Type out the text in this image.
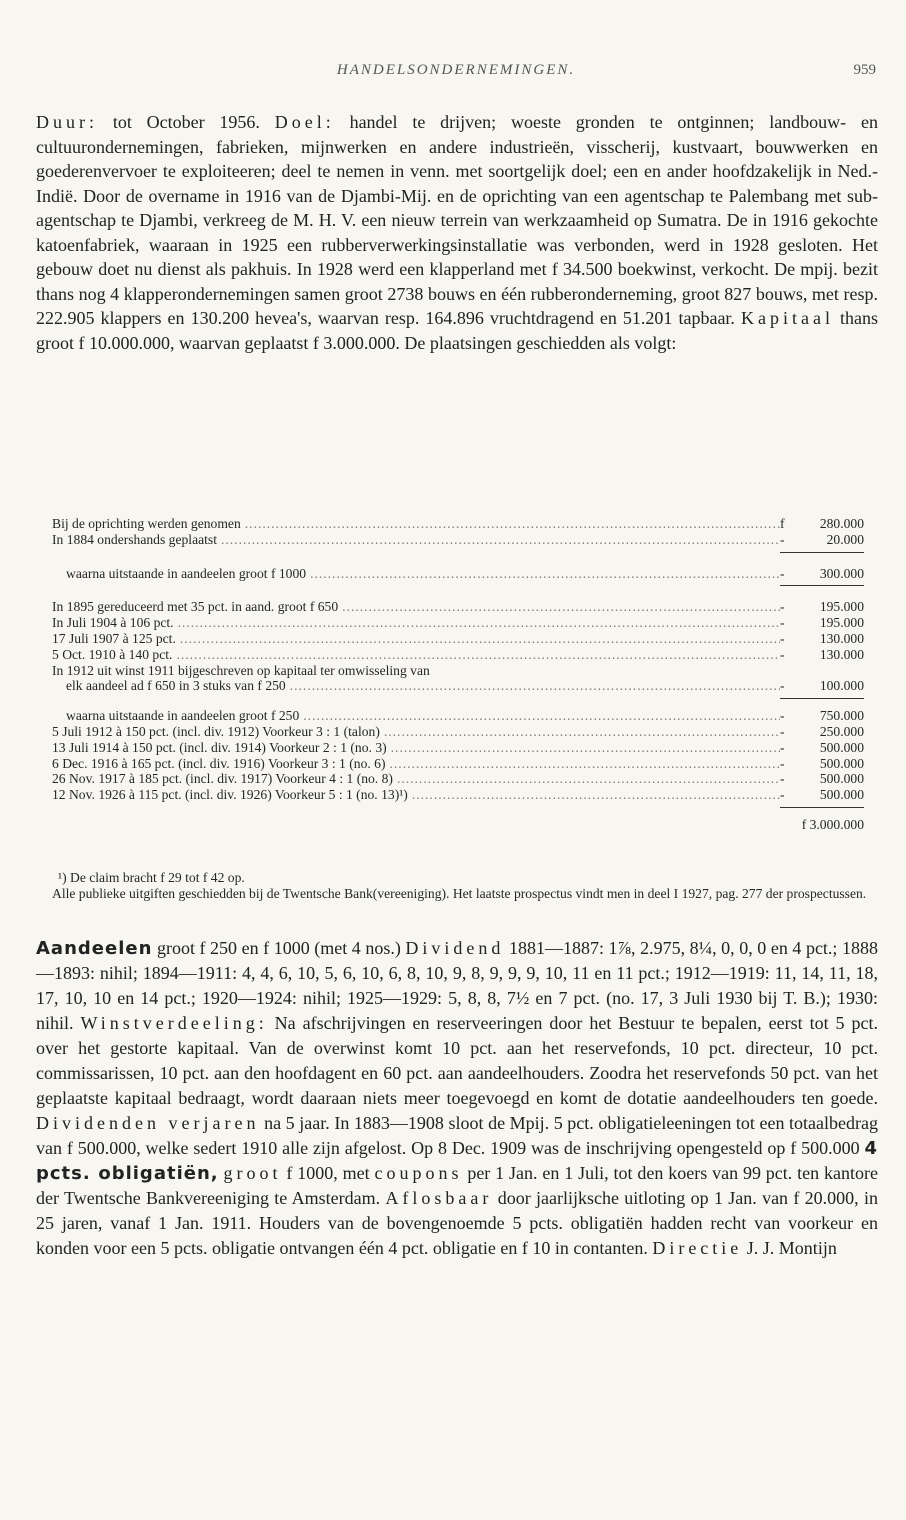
HANDELSONDERNEMINGEN.	959
Duur: tot October 1956. Doel: handel te drijven; woeste gronden te ontginnen; landbouw- en cultuurondernemingen, fabrieken, mijnwerken en andere industrieën, visscherij, kustvaart, bouwwerken en goederenvervoer te exploiteeren; deel te nemen in venn. met soortgelijk doel; een en ander hoofdzakelijk in Ned.-Indië. Door de overname in 1916 van de Djambi-Mij. en de oprichting van een agentschap te Palembang met sub-agentschap te Djambi, verkreeg de M. H. V. een nieuw terrein van werkzaamheid op Sumatra. De in 1916 gekochte katoenfabriek, waaraan in 1925 een rubberverwerkingsinstallatie was verbonden, werd in 1928 gesloten. Het gebouw doet nu dienst als pakhuis. In 1928 werd een klapperland met f 34.500 boekwinst, verkocht. De mpij. bezit thans nog 4 klapperondernemingen samen groot 2738 bouws en één rubberonderneming, groot 827 bouws, met resp. 222.905 klappers en 130.200 hevea's, waarvan resp. 164.896 vruchtdragend en 51.201 tapbaar. Kapitaal thans groot f 10.000.000, waarvan geplaatst f 3.000.000. De plaatsingen geschiedden als volgt:
Bij de oprichting werden genomen .....	f	280.000
In 1884 ondershands geplaatst .....	-	20.000
waarna uitstaande in aandeelen groot f 1000 .....	-	300.000
In 1895 gereduceerd met 35 pct. in aand. groot f 650 .....	-	195.000
In Juli 1904 à 106 pct. .....	-	195.000
17 Juli 1907 à 125 pct. .....	-	130.000
5 Oct. 1910 à 140 pct. .....	-	130.000
In 1912 uit winst 1911 bijgeschreven op kapitaal ter omwisseling van
elk aandeel ad f 650 in 3 stuks van f 250 .....	-	100.000
waarna uitstaande in aandeelen groot f 250 .....	-	750.000
5 Juli 1912 à 150 pct. (incl. div. 1912) Voorkeur 3 : 1 (talon) .....	-	250.000
13 Juli 1914 à 150 pct. (incl. div. 1914) Voorkeur 2 : 1 (no. 3) .....	-	500.000
6 Dec. 1916 à 165 pct. (incl. div. 1916) Voorkeur 3 : 1 (no. 6) .....	-	500.000
26 Nov. 1917 à 185 pct. (incl. div. 1917) Voorkeur 4 : 1 (no. 8) .....	-	500.000
12 Nov. 1926 à 115 pct. (incl. div. 1926) Voorkeur 5 : 1 (no. 13)¹) .....	-	500.000
f 3.000.000
¹) De claim bracht f 29 tot f 42 op.
Alle publieke uitgiften geschiedden bij de Twentsche Bank(vereeniging). Het laatste prospectus vindt men in deel I 1927, pag. 277 der prospectussen.
Aandeelen groot f 250 en f 1000 (met 4 nos.) Dividend 1881—1887: 1⅞, 2.975, 8¼, 0, 0, 0 en 4 pct.; 1888—1893: nihil; 1894—1911: 4, 4, 6, 10, 5, 6, 10, 6, 8, 10, 9, 8, 9, 9, 9, 10, 11 en 11 pct.; 1912—1919: 11, 14, 11, 18, 17, 10, 10 en 14 pct.; 1920—1924: nihil; 1925—1929: 5, 8, 8, 7½ en 7 pct. (no. 17, 3 Juli 1930 bij T. B.); 1930: nihil. Winstverdeeling: Na afschrijvingen en reserveeringen door het Bestuur te bepalen, eerst tot 5 pct. over het gestorte kapitaal. Van de overwinst komt 10 pct. aan het reservefonds, 10 pct. directeur, 10 pct. commissarissen, 10 pct. aan den hoofdagent en 60 pct. aan aandeelhouders. Zoodra het reservefonds 50 pct. van het geplaatste kapitaal bedraagt, wordt daaraan niets meer toegevoegd en komt de dotatie aandeelhouders ten goede. Dividenden verjaren na 5 jaar. In 1883—1908 sloot de Mpij. 5 pct. obligatieleeningen tot een totaalbedrag van f 500.000, welke sedert 1910 alle zijn afgelost. Op 8 Dec. 1909 was de inschrijving opengesteld op f 500.000 4 pcts. obligatiën, groot f 1000, met coupons per 1 Jan. en 1 Juli, tot den koers van 99 pct. ten kantore der Twentsche Bankvereeniging te Amsterdam. Aflosbaar door jaarlijksche uitloting op 1 Jan. van f 20.000, in 25 jaren, vanaf 1 Jan. 1911. Houders van de bovengenoemde 5 pcts. obligatiën hadden recht van voorkeur en konden voor een 5 pcts. obligatie ontvangen één 4 pct. obligatie en f 10 in contanten. Directie J. J. Montijn
